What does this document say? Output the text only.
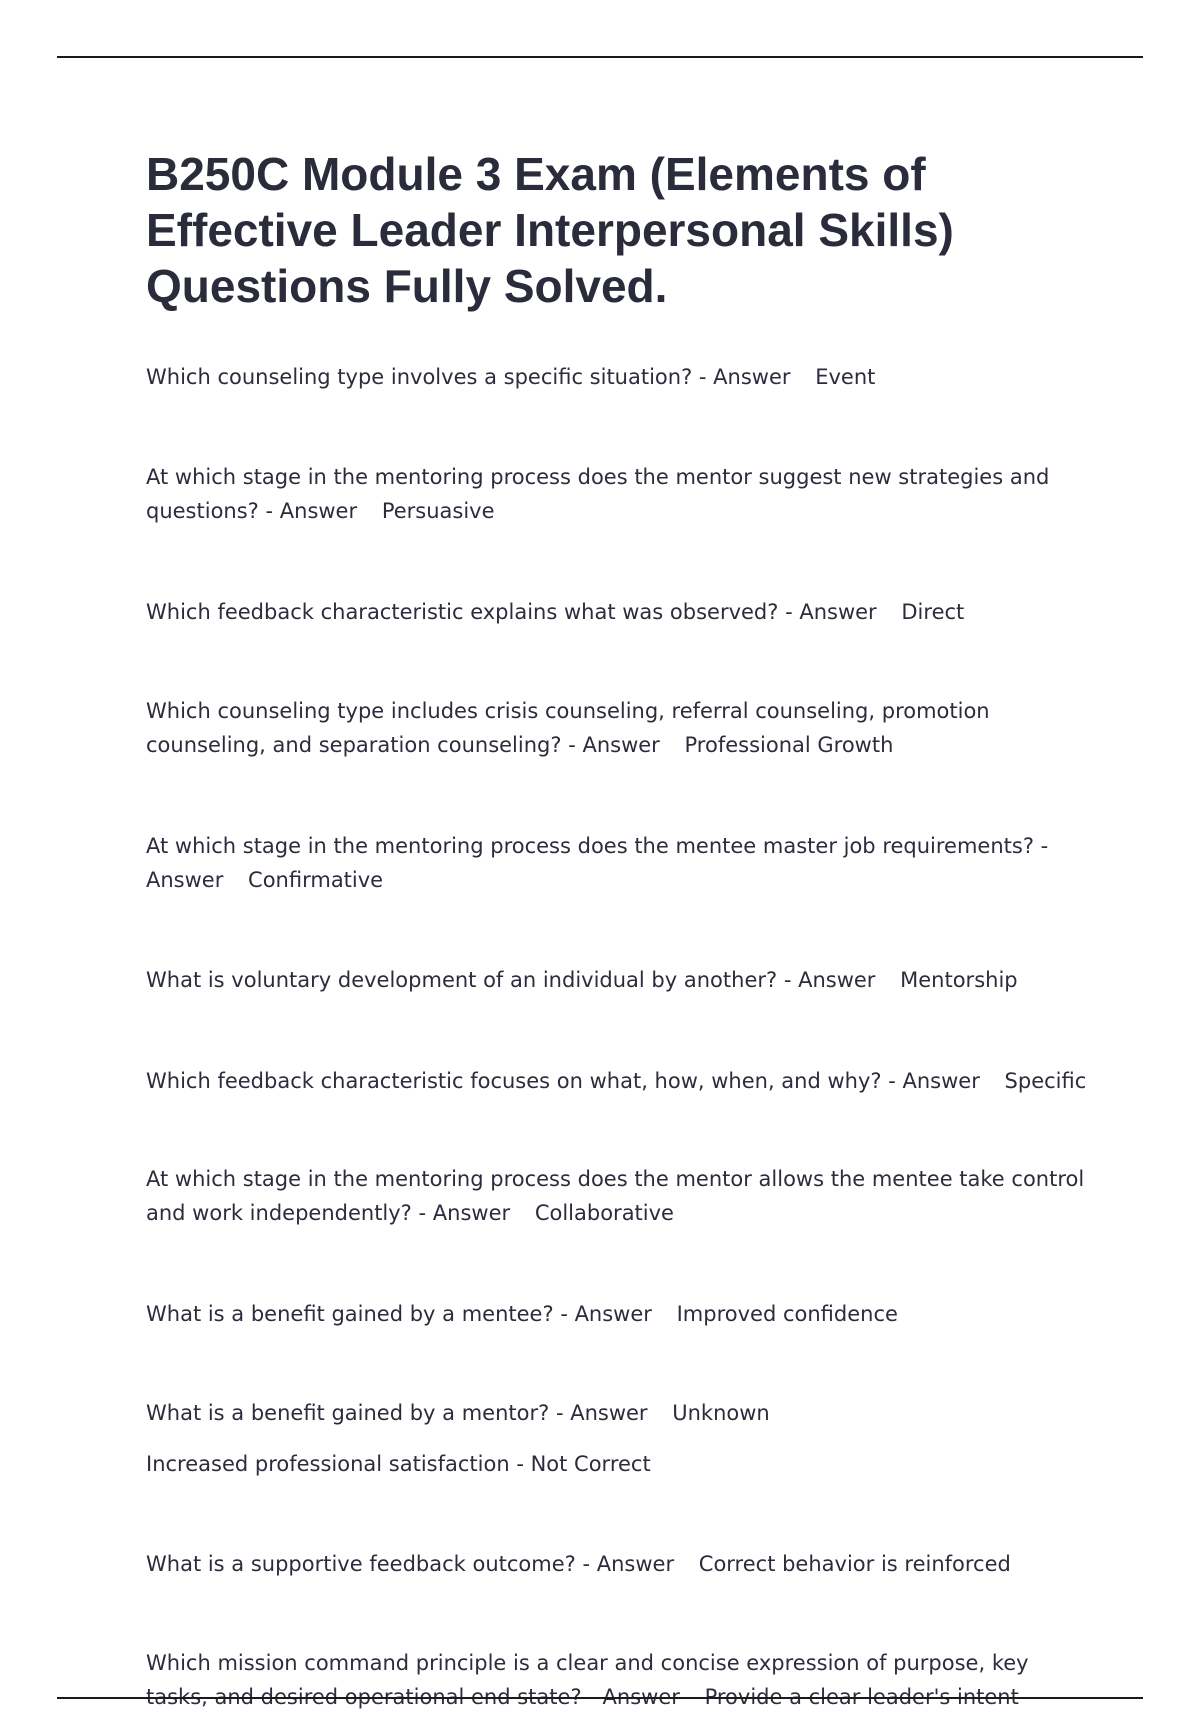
B250C Module 3 Exam (Elements of Effective Leader Interpersonal Skills) Questions Fully Solved.

Which counseling type involves a specific situation? - Answer Event

At which stage in the mentoring process does the mentor suggest new strategies and questions? - Answer Persuasive

Which feedback characteristic explains what was observed? - Answer Direct

Which counseling type includes crisis counseling, referral counseling, promotion counseling, and separation counseling? - Answer Professional Growth

At which stage in the mentoring process does the mentee master job requirements? - Answer Confirmative

What is voluntary development of an individual by another? - Answer Mentorship

Which feedback characteristic focuses on what, how, when, and why? - Answer Specific

At which stage in the mentoring process does the mentor allows the mentee take control and work independently? - Answer Collaborative

What is a benefit gained by a mentee? - Answer Improved confidence

What is a benefit gained by a mentor? - Answer Unknown

Increased professional satisfaction - Not Correct

What is a supportive feedback outcome? - Answer Correct behavior is reinforced

Which mission command principle is a clear and concise expression of purpose, key tasks, and desired operational end state? - Answer Provide a clear leader's intent
